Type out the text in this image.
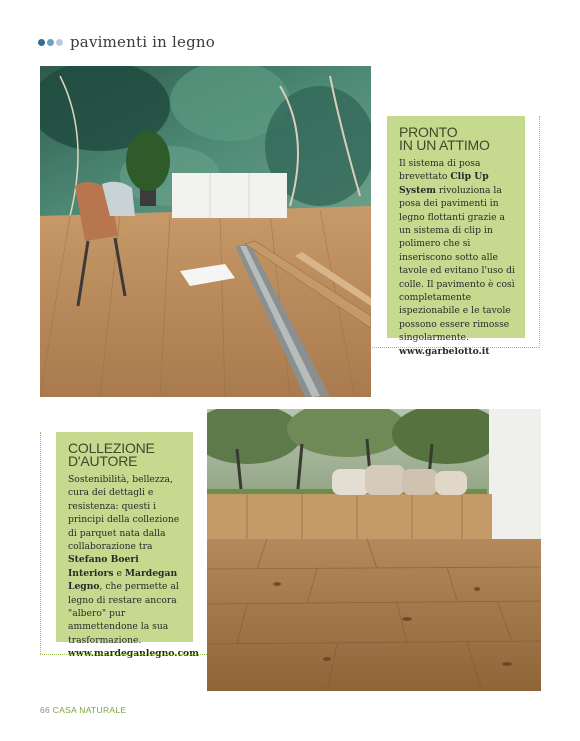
pavimenti in legno
PRONTO
IN UN ATTIMO
Il sistema di posa brevettato Clip Up System rivoluziona la posa dei pavimenti in legno flottanti grazie a un sistema di clip in polimero che si inseriscono sotto alle tavole ed evitano l'uso di colle. Il pavimento è così completamente ispezionabile e le tavole possono essere rimosse singolarmente.
www.garbelotto.it
COLLEZIONE
D'AUTORE
Sostenibilità, bellezza, cura dei dettagli e resistenza: questi i principi della collezione di parquet nata dalla collaborazione tra Stefano Boeri Interiors e Mardegan Legno, che permette al legno di restare ancora "albero" pur ammettendone la sua trasformazione.
www.mardeganlegno.com
66 CASA NATURALE
